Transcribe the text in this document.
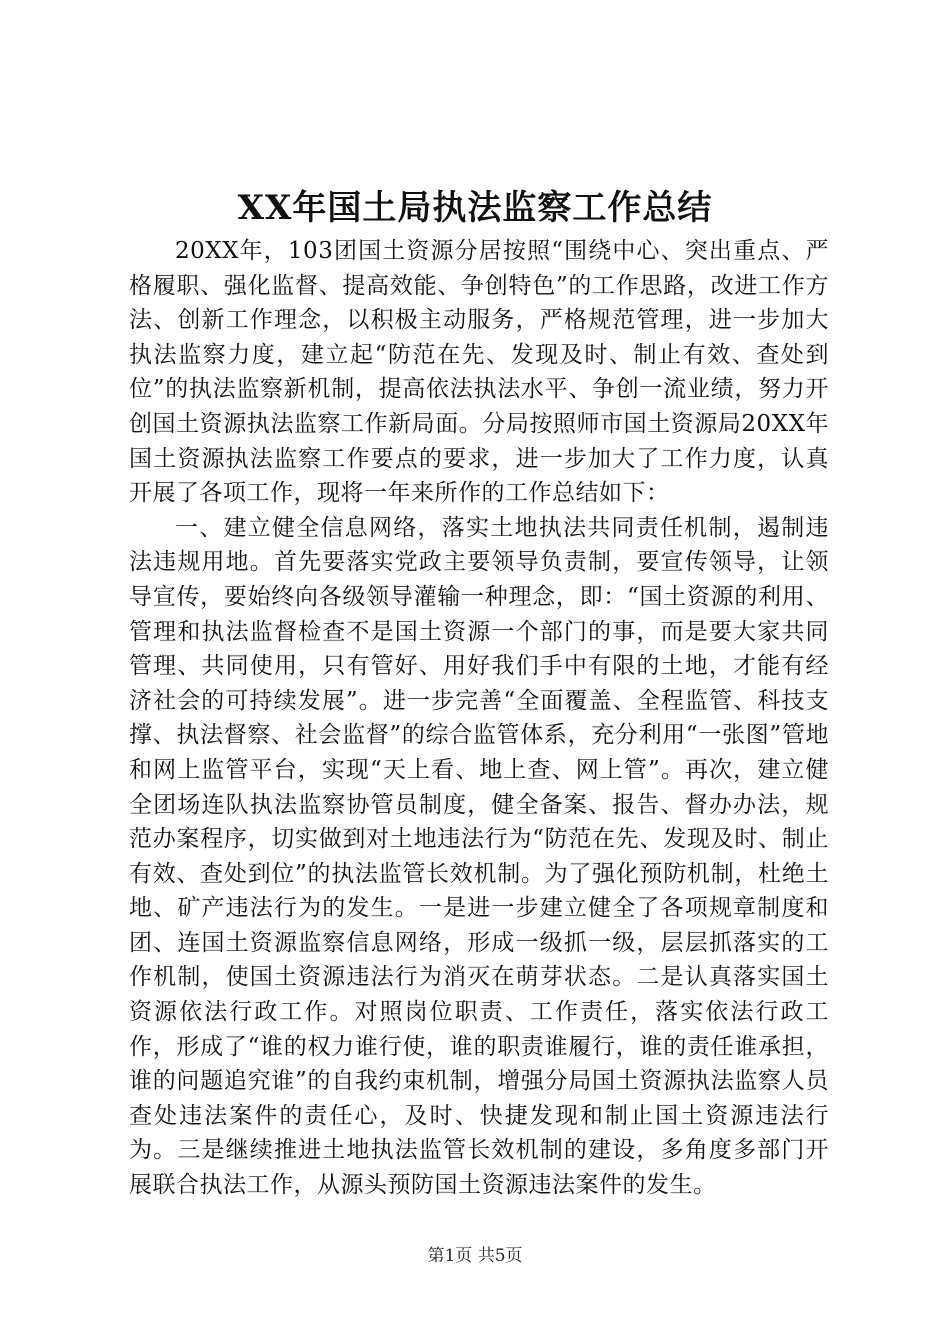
XX年国土局执法监察工作总结

20XX年，103团国土资源分居按照“围绕中心、突出重点、严格履职、强化监督、提高效能、争创特色”的工作思路，改进工作方法、创新工作理念，以积极主动服务，严格规范管理，进一步加大执法监察力度，建立起“防范在先、发现及时、制止有效、查处到位”的执法监察新机制，提高依法执法水平、争创一流业绩，努力开创国土资源执法监察工作新局面。分局按照师市国土资源局20XX年国土资源执法监察工作要点的要求，进一步加大了工作力度，认真开展了各项工作，现将一年来所作的工作总结如下：

一、建立健全信息网络，落实土地执法共同责任机制，遏制违法违规用地。首先要落实党政主要领导负责制，要宣传领导，让领导宣传，要始终向各级领导灌输一种理念，即：“国土资源的利用、管理和执法监督检查不是国土资源一个部门的事，而是要大家共同管理、共同使用，只有管好、用好我们手中有限的土地，才能有经济社会的可持续发展”。进一步完善“全面覆盖、全程监管、科技支撑、执法督察、社会监督”的综合监管体系，充分利用“一张图”管地和网上监管平台，实现“天上看、地上查、网上管”。再次，建立健全团场连队执法监察协管员制度，健全备案、报告、督办办法，规范办案程序，切实做到对土地违法行为“防范在先、发现及时、制止有效、查处到位”的执法监管长效机制。为了强化预防机制，杜绝土地、矿产违法行为的发生。一是进一步建立健全了各项规章制度和团、连国土资源监察信息网络，形成一级抓一级，层层抓落实的工作机制，使国土资源违法行为消灭在萌芽状态。二是认真落实国土资源依法行政工作。对照岗位职责、工作责任，落实依法行政工作，形成了“谁的权力谁行使，谁的职责谁履行，谁的责任谁承担，谁的问题追究谁”的自我约束机制，增强分局国土资源执法监察人员查处违法案件的责任心，及时、快捷发现和制止国土资源违法行为。三是继续推进土地执法监管长效机制的建设，多角度多部门开展联合执法工作，从源头预防国土资源违法案件的发生。

第1页 共5页
